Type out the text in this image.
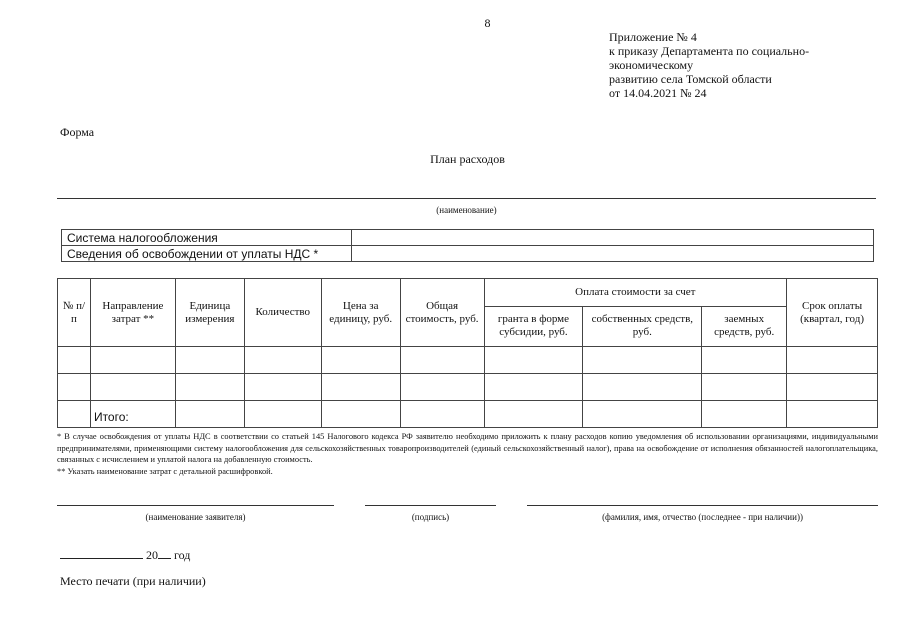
8
Приложение № 4
к приказу Департамента по социально-
экономическому
развитию села Томской области
от 14.04.2021 № 24
Форма
План расходов
(наименование)
Система налогообложения	
Сведения об освобождении от уплаты НДС *	
№ п/п	Направление затрат **	Единица измерения	Количество	Цена за единицу, руб.	Общая стоимость, руб.	Оплата стоимости за счет			Срок оплаты (квартал, год)
						гранта в форме субсидии, руб.	собственных средств, руб.	заемных средств, руб.	

	Итого:								

* В случае освобождения от уплаты НДС в соответствии со статьей 145 Налогового кодекса РФ заявителю необходимо приложить к плану расходов копию уведомления об использовании организациями, индивидуальными предпринимателями, применяющими систему налогообложения для сельскохозяйственных товаропроизводителей (единый сельскохозяйственный налог), права на освобождение от исполнения обязанностей налогоплательщика, связанных с исчислением и уплатой налога на добавленную стоимость.

** Указать наименование затрат с детальной расшифровкой.

(наименование заявителя)	(подпись)	(фамилия, имя, отчество (последнее - при наличии))
20 год
Место печати (при наличии)
